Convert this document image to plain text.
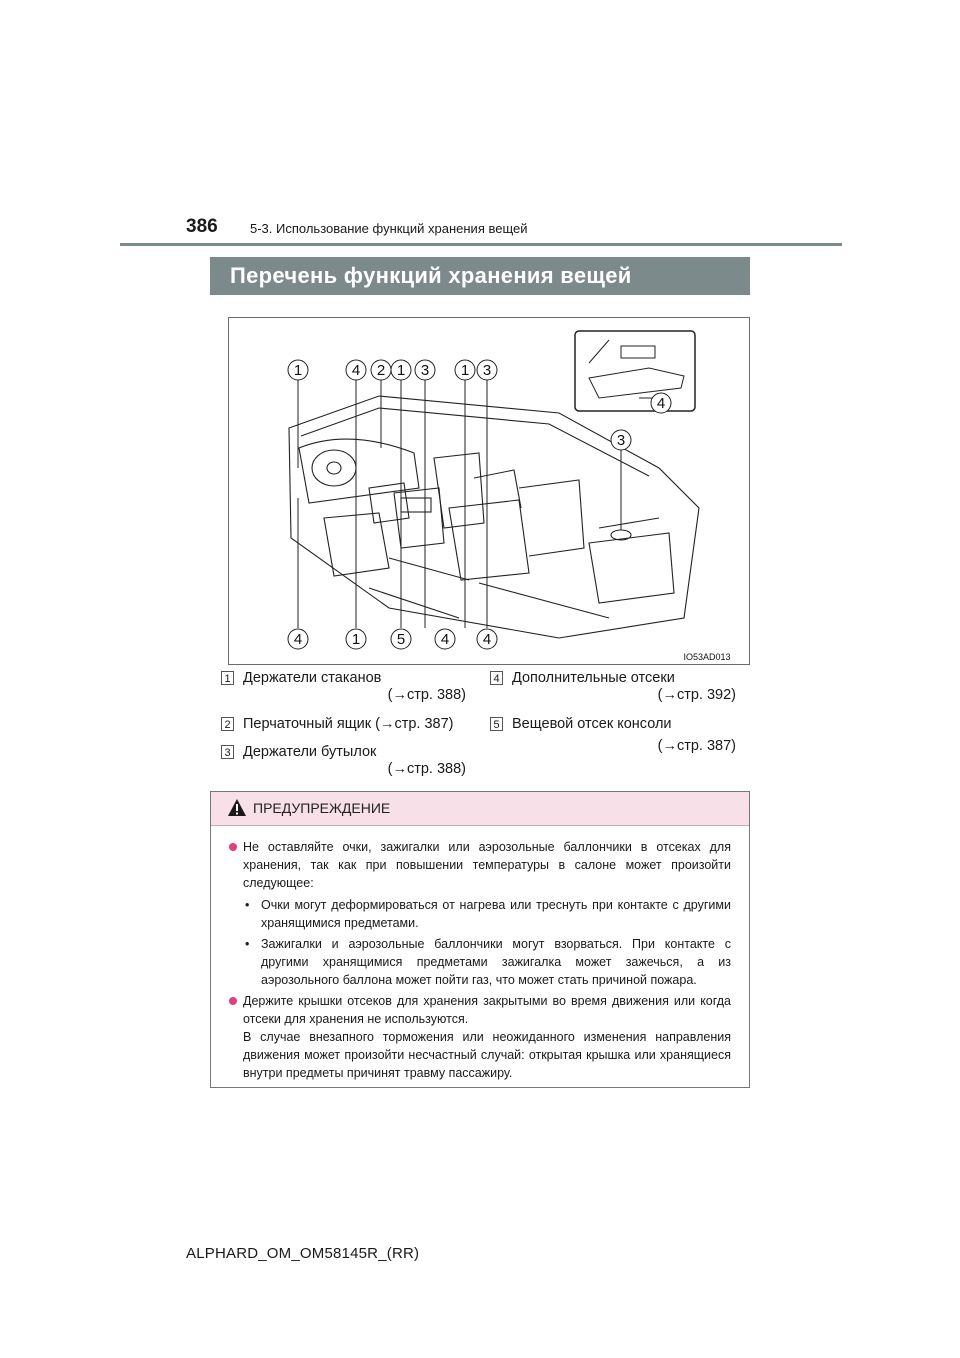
386 5-3. Использование функций хранения вещей
Перечень функций хранения вещей
1	4 2 1 3 1 3
4	1 5 4 4
4
3
IO53AD013
1 Держатели стаканов
(→стр. 388)
2 Перчаточный ящик (→стр. 387)
3 Держатели бутылок
(→стр. 388)
4 Дополнительные отсеки
(→стр. 392)
5 Вещевой отсек консоли
(→стр. 387)
ПРЕДУПРЕЖДЕНИЕ
Не оставляйте очки, зажигалки или аэрозольные баллончики в отсеках для хранения, так как при повышении температуры в салоне может произойти следующее:
• Очки могут деформироваться от нагрева или треснуть при контакте с другими хранящимися предметами.
• Зажигалки и аэрозольные баллончики могут взорваться. При контакте с другими хранящимися предметами зажигалка может зажечься, а из аэрозольного баллона может пойти газ, что может стать причиной пожара.
Держите крышки отсеков для хранения закрытыми во время движения или когда отсеки для хранения не используются.
В случае внезапного торможения или неожиданного изменения направления движения может произойти несчастный случай: открытая крышка или хранящиеся внутри предметы причинят травму пассажиру.
ALPHARD_OM_OM58145R_(RR)
